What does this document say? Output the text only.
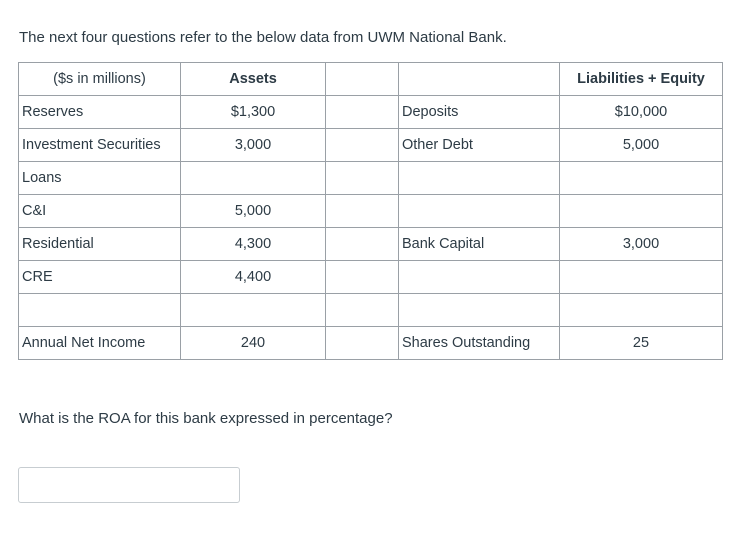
The next four questions refer to the below data from UWM National Bank.

($s in millions)	Assets			Liabilities + Equity
Reserves	$1,300		Deposits	$10,000
Investment Securities	3,000		Other Debt	5,000
Loans				
C&I	5,000			
Residential	4,300		Bank Capital	3,000
CRE	4,400			

Annual Net Income	240		Shares Outstanding	25

What is the ROA for this bank expressed in percentage?
